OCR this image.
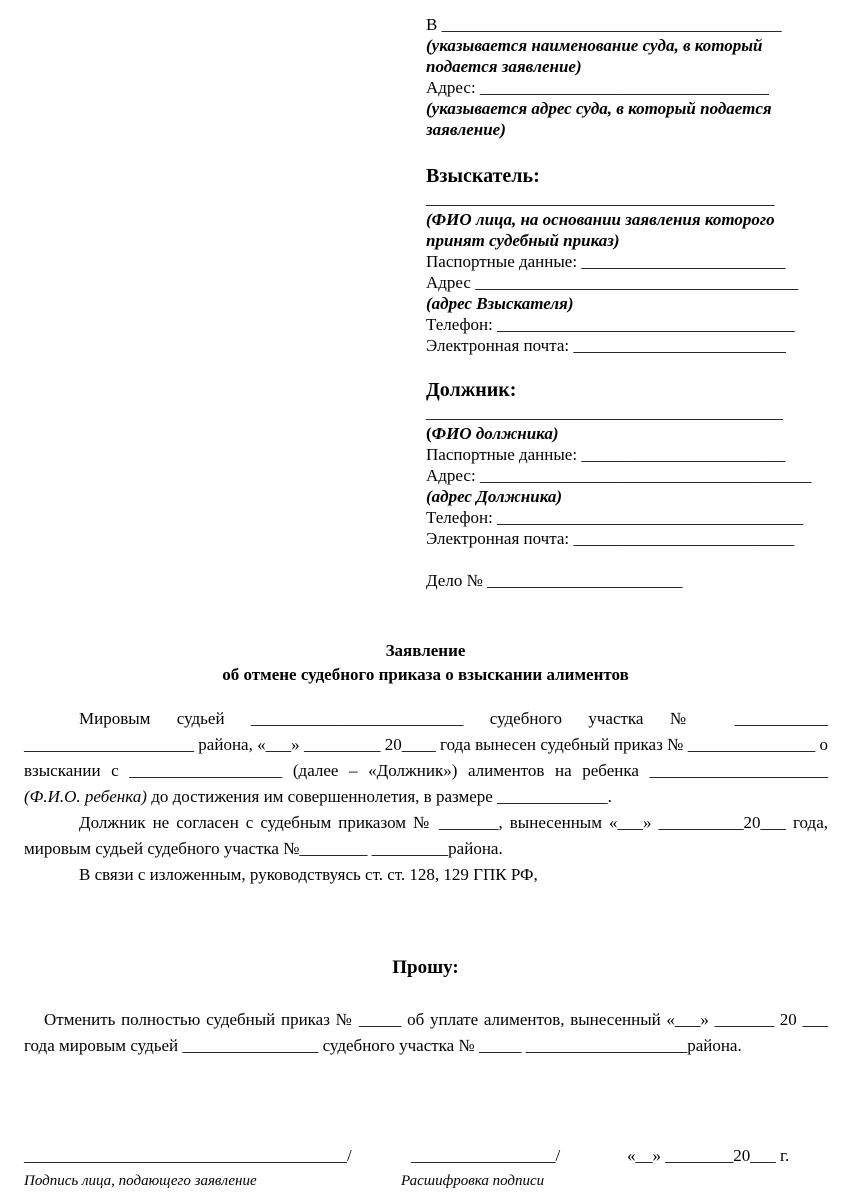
В ________________________________________
(указывается наименование суда, в который подается заявление)
Адрес: __________________________________
(указывается адрес суда, в который подается заявление)
Взыскатель:
_________________________________________
(ФИО лица, на основании заявления которого принят судебный приказ)
Паспортные данные: ________________________
Адрес ______________________________________
(адрес Взыскателя)
Телефон: ___________________________________
Электронная почта: _________________________
Должник:
__________________________________________
(ФИО должника)
Паспортные данные: ________________________
Адрес: _______________________________________
(адрес Должника)
Телефон: ____________________________________
Электронная почта: __________________________
Дело № _______________________
Заявление
об отмене судебного приказа о взыскании алиментов
Мировым судьей _________________________ судебного участка № ___________ ____________________ района, «___» _________ 20____ года вынесен судебный приказ № _______________ о взыскании с __________________ (далее – «Должник») алиментов на ребенка _____________________ (Ф.И.О. ребенка) до достижения им совершеннолетия, в размере _____________.
Должник не согласен с судебным приказом № _______, вынесенным «___» __________20___ года, мировым судьей судебного участка №________ _________района.
В связи с изложенным, руководствуясь ст. ст. 128, 129 ГПК РФ,
Прошу:
Отменить полностью судебный приказ № _____ об уплате алиментов, вынесенный «___» _______ 20 ___ года мировым судьей ________________ судебного участка № _____ ___________________района.
______________________________________/	_________________/	«__» ________20___ г.
Подпись лица, подающего заявление	Расшифровка подписи
